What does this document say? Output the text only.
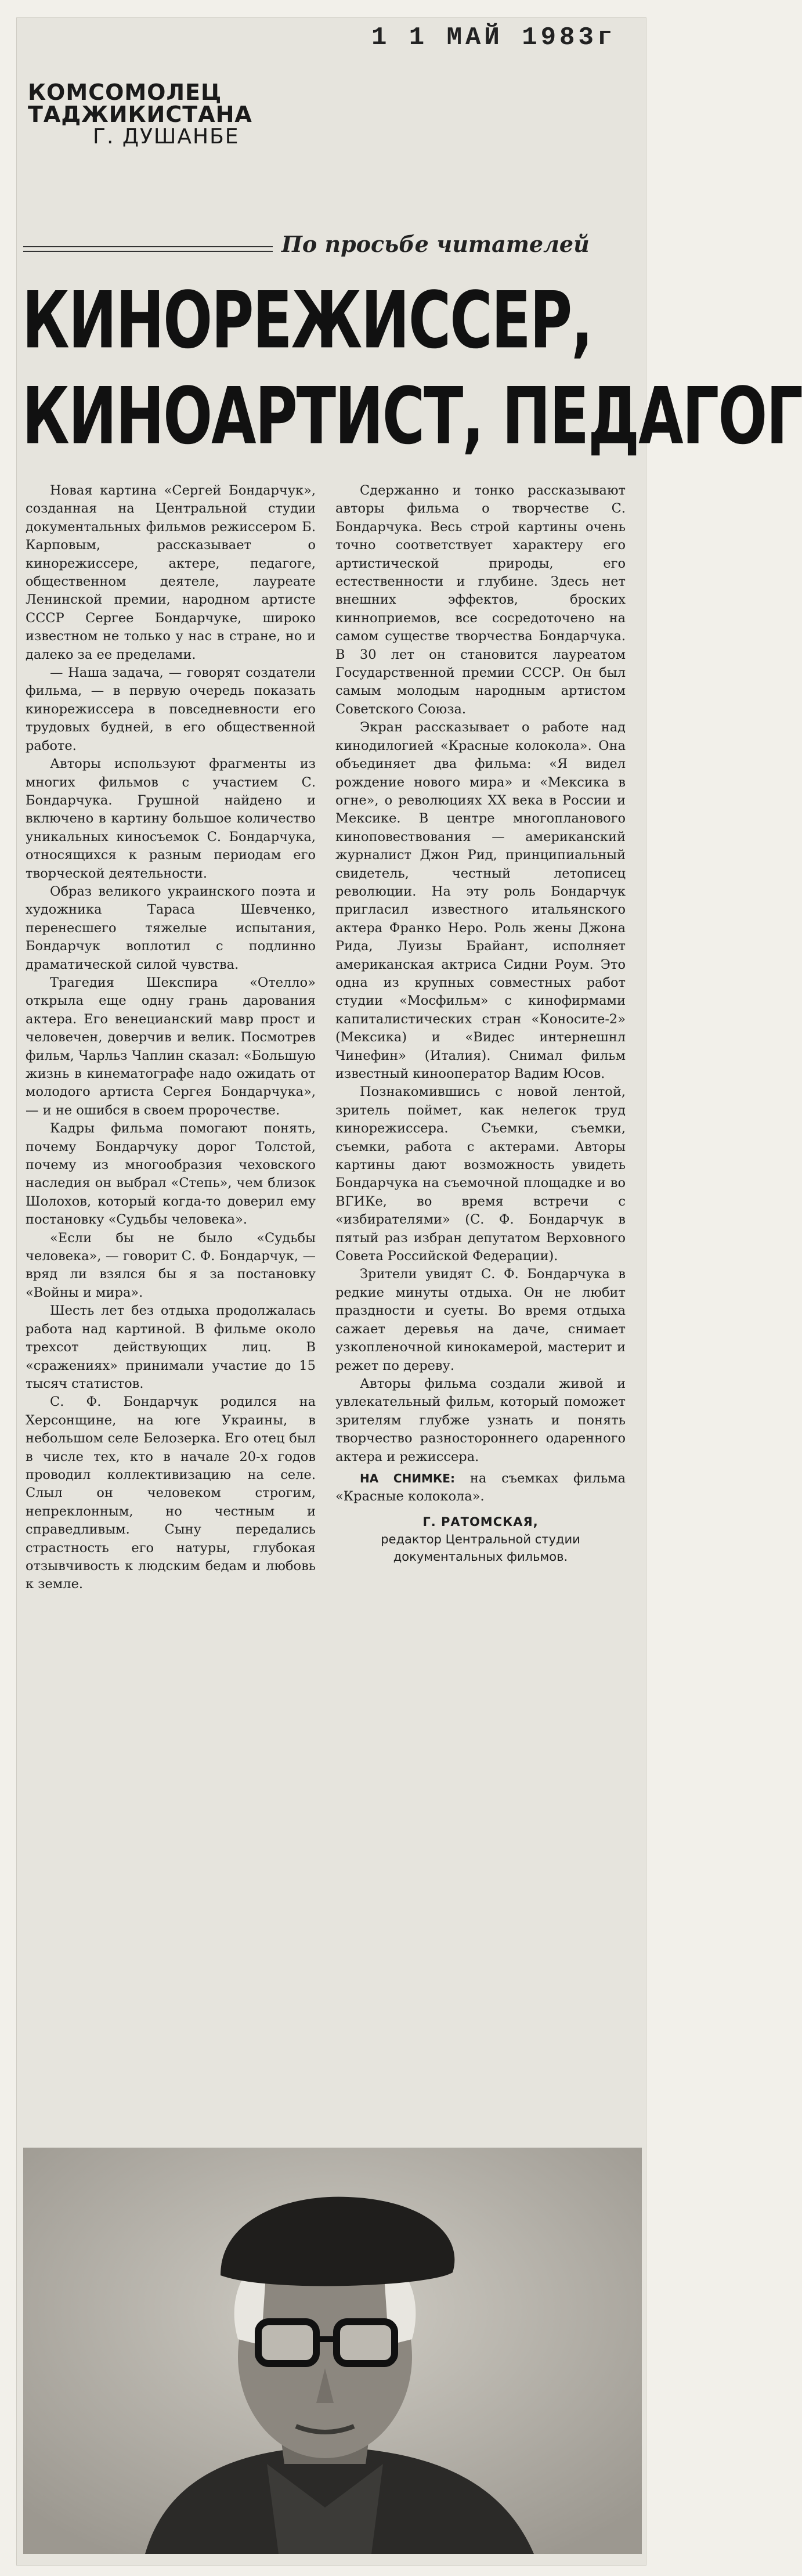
1 1 МАЙ 1983г
КОМСОМОЛЕЦ ТАДЖИКИСТАНА
Г. ДУШАНБЕ
По просьбе читателей
КИНОРЕЖИССЕР,
КИНОАРТИСТ, ПЕДАГОГ

Новая картина «Сергей Бондарчук», созданная на Центральной студии документальных фильмов режиссером Б. Карповым, рассказывает о кинорежиссере, актере, педагоге, общественном деятеле, лауреате Ленинской премии, народном артисте СССР Сергее Бондарчуке, широко известном не только у нас в стране, но и далеко за ее пределами.

— Наша задача, — говорят создатели фильма, — в первую очередь показать кинорежиссера в повседневности его трудовых будней, в его общественной работе.

Авторы используют фрагменты из многих фильмов с участием С. Бондарчука. Грушной найдено и включено в картину большое количество уникальных киносъемок С. Бондарчука, относящихся к разным периодам его творческой деятельности.

Образ великого украинского поэта и художника Тараса Шевченко, перенесшего тяжелые испытания, Бондарчук воплотил с подлинно драматической силой чувства.

Трагедия Шекспира «Отелло» открыла еще одну грань дарования актера. Его венецианский мавр прост и человечен, доверчив и велик. Посмотрев фильм, Чарльз Чаплин сказал: «Большую жизнь в кинематографе надо ожидать от молодого артиста Сергея Бондарчука», — и не ошибся в своем пророчестве.

Кадры фильма помогают понять, почему Бондарчуку дорог Толстой, почему из многообразия чеховского наследия он выбрал «Степь», чем близок Шолохов, который когда-то доверил ему постановку «Судьбы человека».

«Если бы не было «Судьбы человека», — говорит С. Ф. Бондарчук, — вряд ли взялся бы я за постановку «Войны и мира».

Шесть лет без отдыха продолжалась работа над картиной. В фильме около трехсот действующих лиц. В «сражениях» принимали участие до 15 тысяч статистов.

С. Ф. Бондарчук родился на Херсонщине, на юге Украины, в небольшом селе Белозерка. Его отец был в числе тех, кто в начале 20-х годов проводил коллективизацию на селе. Слыл он человеком строгим, непреклонным, но честным и справедливым. Сыну передались страстность его натуры, глубокая отзывчивость к людским бедам и любовь к земле.

Сдержанно и тонко рассказывают авторы фильма о творчестве С. Бондарчука. Весь строй картины очень точно соответствует характеру его артистической природы, его естественности и глубине. Здесь нет внешних эффектов, броских кинноприемов, все сосредоточено на самом существе творчества Бондарчука. В 30 лет он становится лауреатом Государственной премии СССР. Он был самым молодым народным артистом Советского Союза.

Экран рассказывает о работе над кинодилогией «Красные колокола». Она объединяет два фильма: «Я видел рождение нового мира» и «Мексика в огне», о революциях XX века в России и Мексике. В центре многопланового киноповествования — американский журналист Джон Рид, принципиальный свидетель, честный летописец революции. На эту роль Бондарчук пригласил известного итальянского актера Франко Неро. Роль жены Джона Рида, Луизы Брайант, исполняет американская актриса Сидни Роум. Это одна из крупных совместных работ студии «Мосфильм» с кинофирмами капиталистических стран «Коносите-2» (Мексика) и «Видес интернешнл Чинефин» (Италия). Снимал фильм известный кинооператор Вадим Юсов.

Познакомившись с новой лентой, зритель поймет, как нелегок труд кинорежиссера. Съемки, съемки, съемки, работа с актерами. Авторы картины дают возможность увидеть Бондарчука на съемочной площадке и во ВГИКе, во время встречи с «избирателями» (С. Ф. Бондарчук в пятый раз избран депутатом Верховного Совета Российской Федерации).

Зрители увидят С. Ф. Бондарчука в редкие минуты отдыха. Он не любит праздности и суеты. Во время отдыха сажает деревья на даче, снимает узкопленочной кинокамерой, мастерит и режет по дереву.

Авторы фильма создали живой и увлекательный фильм, который поможет зрителям глубже узнать и понять творчество разностороннего одаренного актера и режиссера.

НА СНИМКЕ: на съемках фильма «Красные колокола».
Г. РАТОМСКАЯ,
редактор Центральной студии документальных фильмов.
